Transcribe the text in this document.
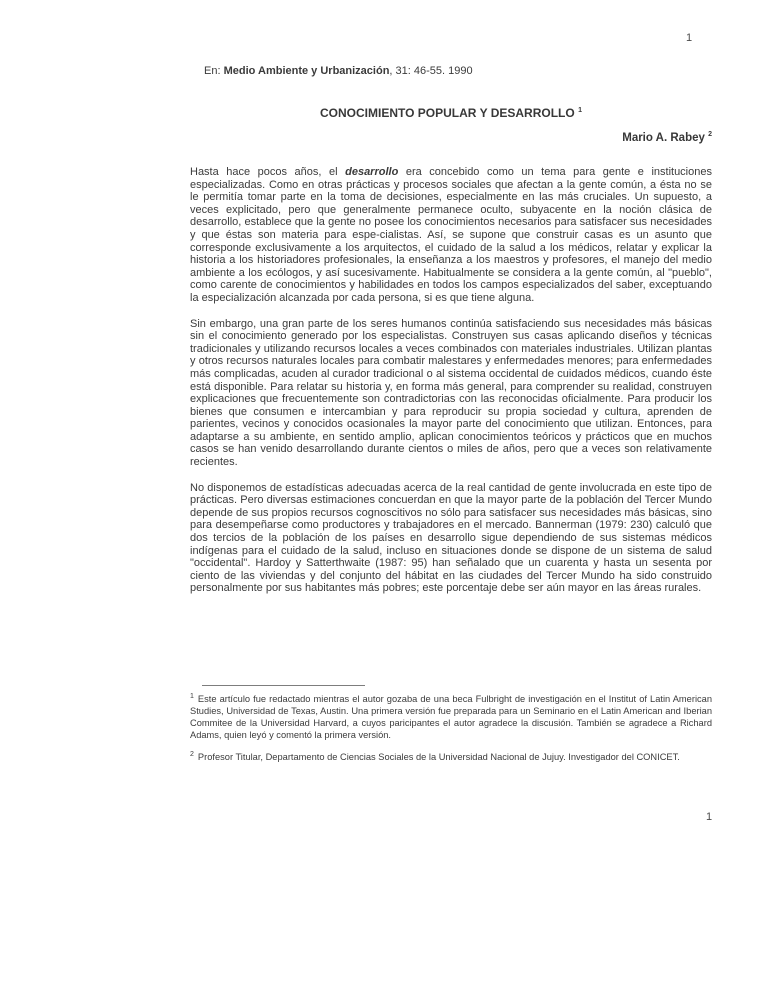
1

En: Medio Ambiente y Urbanización, 31: 46-55. 1990

CONOCIMIENTO POPULAR Y DESARROLLO $^1$

Mario A. Rabey $^2$

Hasta hace pocos años, el desarrollo era concebido como un tema para gente e instituciones especializadas. Como en otras prácticas y procesos sociales que afectan a la gente común, a ésta no se le permitía tomar parte en la toma de decisiones, especialmente en las más cruciales. Un supuesto, a veces explicitado, pero que generalmente permanece oculto, subyacente en la noción clásica de desarrollo, establece que la gente no posee los conocimientos necesarios para satisfacer sus necesidades y que éstas son materia para espe-cialistas. Así, se supone que construir casas es un asunto que corresponde exclusivamente a los arquitectos, el cuidado de la salud a los médicos, relatar y explicar la historia a los historiadores profesionales, la enseñanza a los maestros y profesores, el manejo del medio ambiente a los ecólogos, y así sucesivamente. Habitualmente se considera a la gente común, al "pueblo", como carente de conocimientos y habilidades en todos los campos especializados del saber, exceptuando la especialización alcanzada por cada persona, si es que tiene alguna.

Sin embargo, una gran parte de los seres humanos continúa satisfaciendo sus necesidades más básicas sin el conocimiento generado por los especialistas. Construyen sus casas aplicando diseños y técnicas tradicionales y utilizando recursos locales a veces combinados con materiales industriales. Utilizan plantas y otros recursos naturales locales para combatir malestares y enfermedades menores; para enfermedades más complicadas, acuden al curador tradicional o al sistema occidental de cuidados médicos, cuando éste está disponible. Para relatar su historia y, en forma más general, para comprender su realidad, construyen explicaciones que frecuentemente son contradictorias con las reconocidas oficialmente. Para producir los bienes que consumen e intercambian y para reproducir su propia sociedad y cultura, aprenden de parientes, vecinos y conocidos ocasionales la mayor parte del conocimiento que utilizan. Entonces, para adaptarse a su ambiente, en sentido amplio, aplican conocimientos teóricos y prácticos que en muchos casos se han venido desarrollando durante cientos o miles de años, pero que a veces son relativamente recientes.

No disponemos de estadísticas adecuadas acerca de la real cantidad de gente involucrada en este tipo de prácticas. Pero diversas estimaciones concuerdan en que la mayor parte de la población del Tercer Mundo depende de sus propios recursos cognoscitivos no sólo para satisfacer sus necesidades más básicas, sino para desempeñarse como productores y trabajadores en el mercado. Bannerman (1979: 230) calculó que dos tercios de la población de los países en desarrollo sigue dependiendo de sus sistemas médicos indígenas para el cuidado de la salud, incluso en situaciones donde se dispone de un sistema de salud "occidental". Hardoy y Satterthwaite (1987: 95) han señalado que un cuarenta y hasta un sesenta por ciento de las viviendas y del conjunto del hábitat en las ciudades del Tercer Mundo ha sido construido personalmente por sus habitantes más pobres; este porcentaje debe ser aún mayor en las áreas rurales.

$^1$ Este artículo fue redactado mientras el autor gozaba de una beca Fulbright de investigación en el Institut of Latin American Studies, Universidad de Texas, Austin. Una primera versión fue preparada para un Seminario en el Latin American and Iberian Commitee de la Universidad Harvard, a cuyos paricipantes el autor agradece la discusión. También se agradece a Richard Adams, quien leyó y comentó la primera versión.

$^2$ Profesor Titular, Departamento de Ciencias Sociales de la Universidad Nacional de Jujuy. Investigador del CONICET.

1
